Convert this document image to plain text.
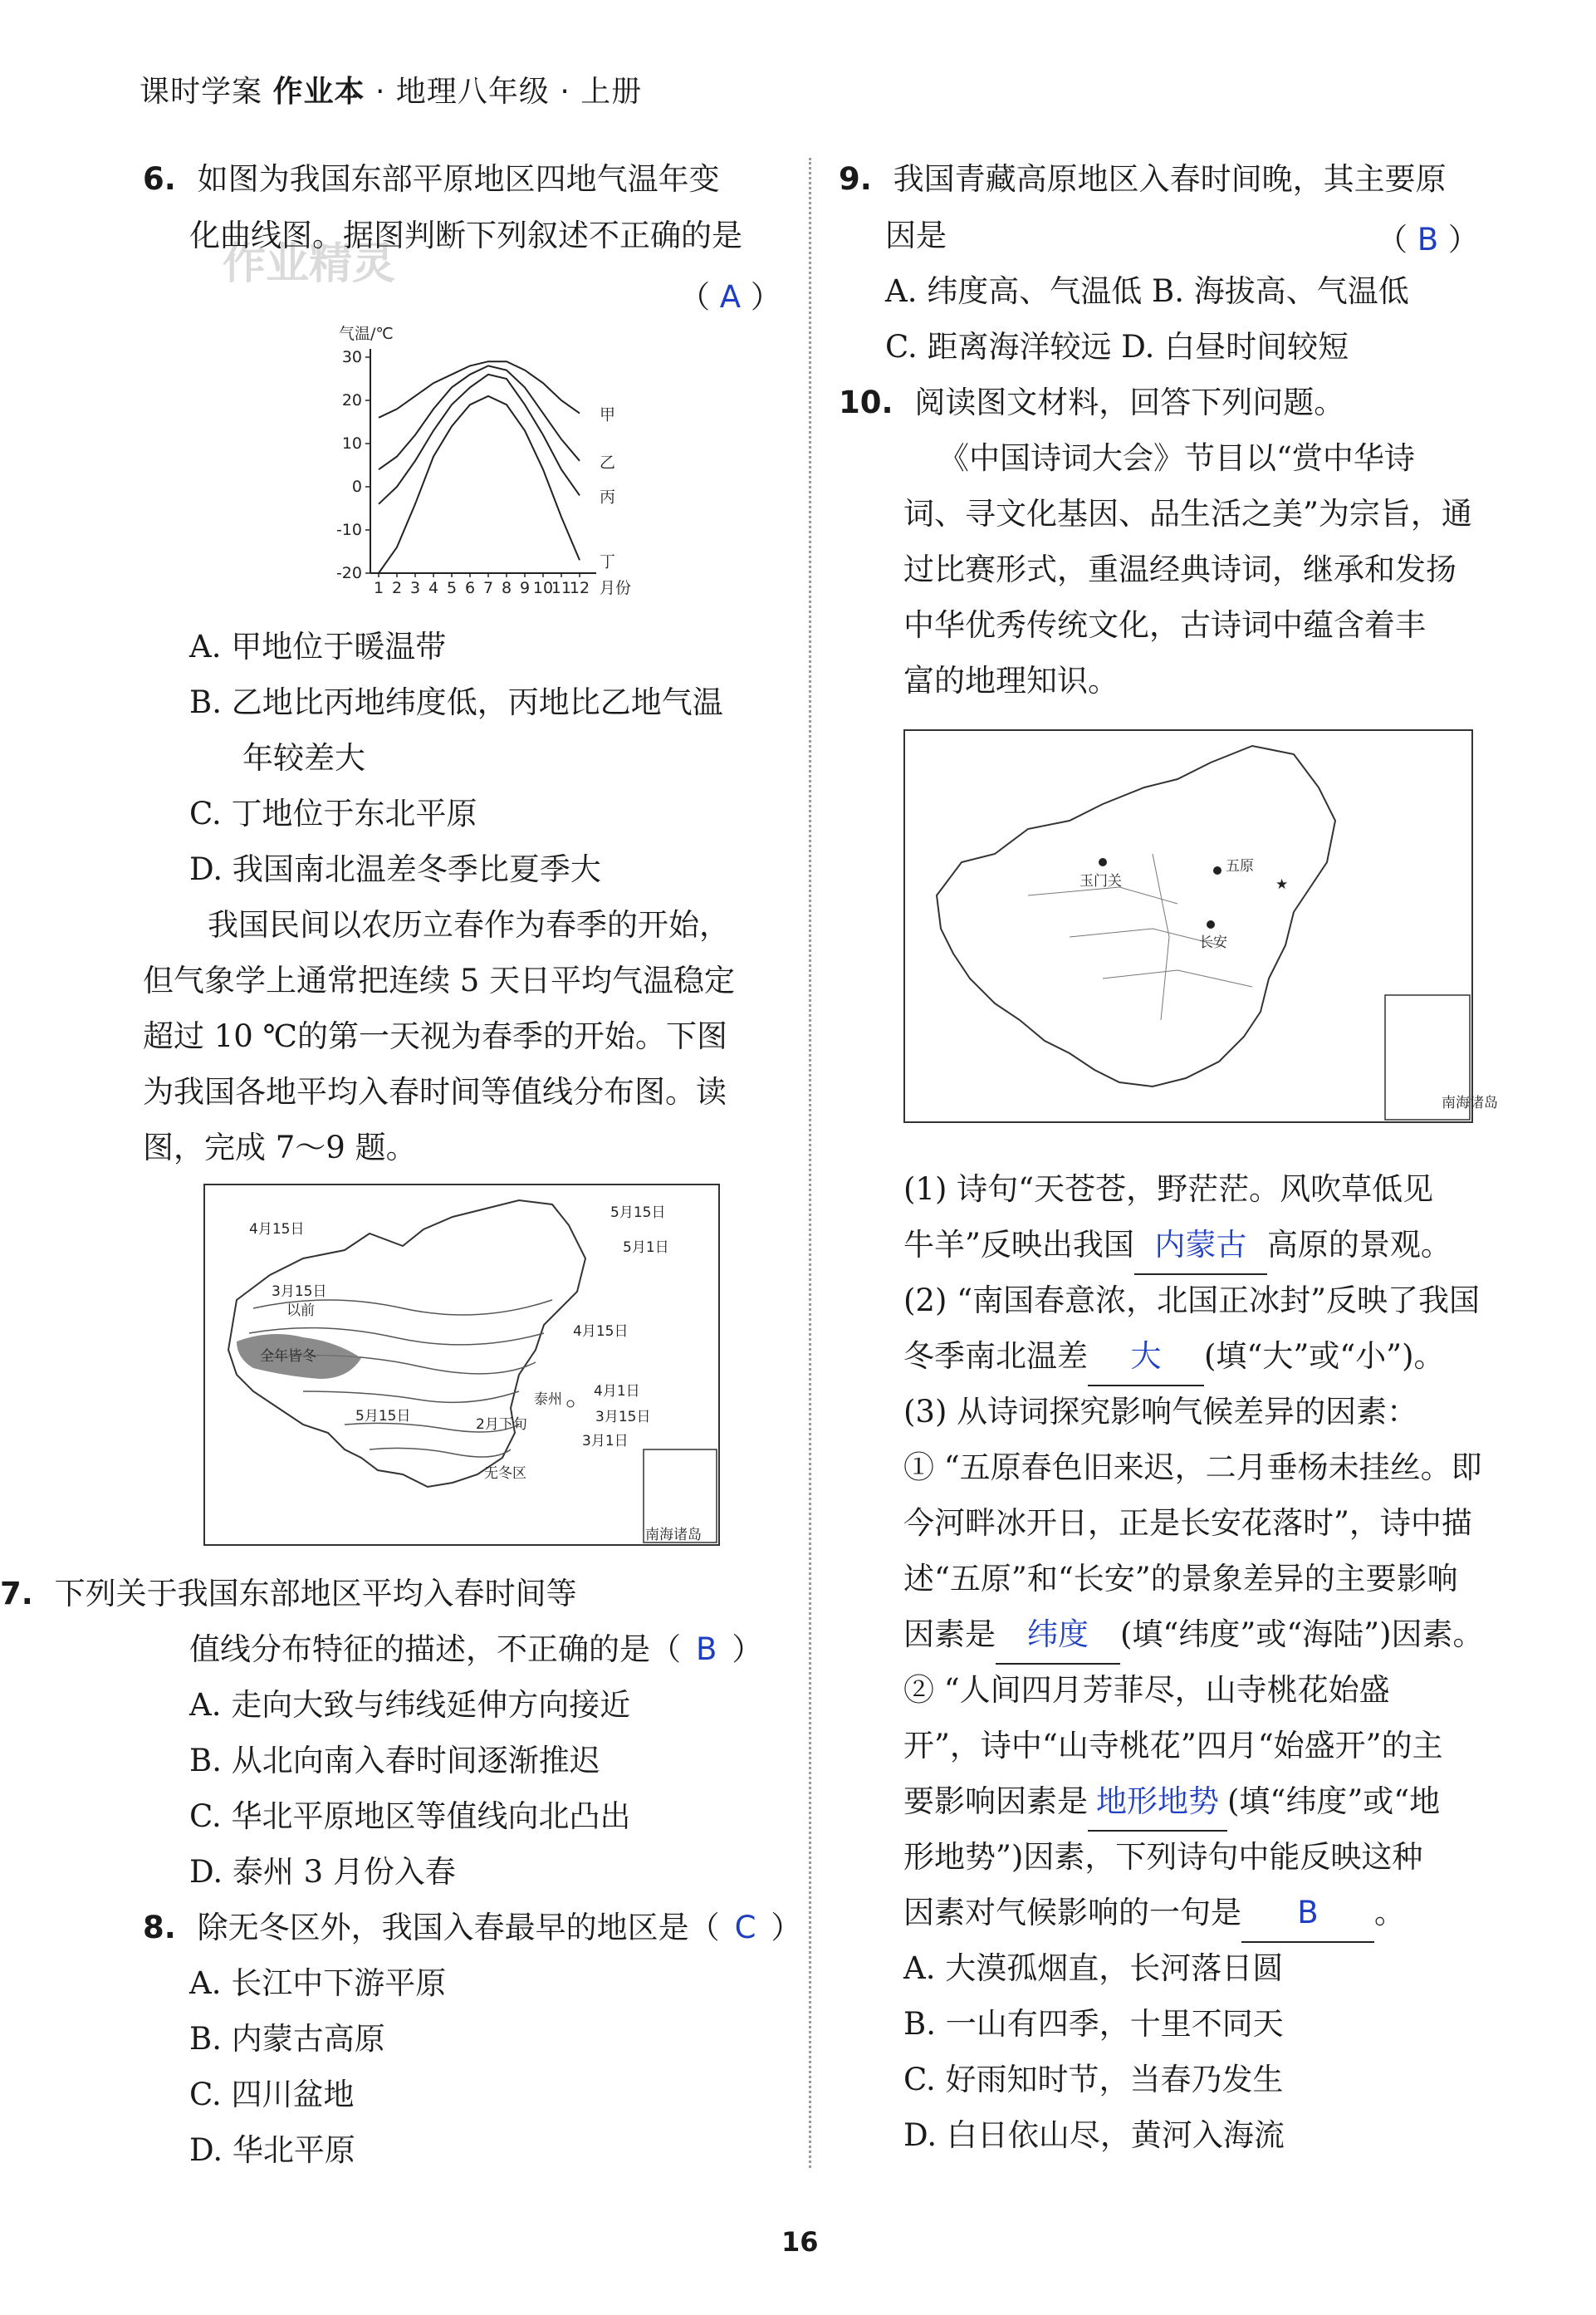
课时学案 作业本 · 地理八年级 · 上册
作业精灵
6. 如图为我国东部平原地区四地气温年变
化曲线图。据图判断下列叙述不正确的是
（ A ）
气温/℃
30
20
10
0
-10
-20
1 2 3 4 5 6 7 8 9 10
11
12 月份
甲
乙
丙
丁
A. 甲地位于暖温带
B. 乙地比丙地纬度低，丙地比乙地气温
年较差大
C. 丁地位于东北平原
D. 我国南北温差冬季比夏季大
我国民间以农历立春作为春季的开始，
但气象学上通常把连续 5 天日平均气温稳定
超过 10 ℃的第一天视为春季的开始。下图
为我国各地平均入春时间等值线分布图。读
图，完成 7～9 题。
南海诸岛
4月15日
5月15日
5月1日
3月15日
以前
4月15日
全年皆冬
泰州 4月1日
5月15日	2月下旬	3月15日
3月1日
无冬区
7. 下列关于我国东部地区平均入春时间等
值线分布特征的描述，不正确的是（ B ）
A. 走向大致与纬线延伸方向接近
B. 从北向南入春时间逐渐推迟
C. 华北平原地区等值线向北凸出
D. 泰州 3 月份入春
8. 除无冬区外，我国入春最早的地区是（ C ）
A. 长江中下游平原
B. 内蒙古高原
C. 四川盆地
D. 华北平原
9. 我国青藏高原地区入春时间晚，其主要原
因是	（ B ）
A. 纬度高、气温低 B. 海拔高、气温低
C. 距离海洋较远 D. 白昼时间较短
10. 阅读图文材料，回答下列问题。
《中国诗词大会》节目以“赏中华诗
词、寻文化基因、品生活之美”为宗旨，通
过比赛形式，重温经典诗词，继承和发扬
中华优秀传统文化，古诗词中蕴含着丰
富的地理知识。
南海诸岛
玉门关
五原
★
长安
(1) 诗句“天苍苍，野茫茫。风吹草低见
牛羊”反映出我国 内蒙古 高原的景观。
(2) “南国春意浓，北国正冰封”反映了我国
冬季南北温差 大 (填“大”或“小”)。
(3) 从诗词探究影响气候差异的因素：
① “五原春色旧来迟，二月垂杨未挂丝。即
今河畔冰开日，正是长安花落时”，诗中描
述“五原”和“长安”的景象差异的主要影响
因素是 纬度 (填“纬度”或“海陆”)因素。
② “人间四月芳菲尽，山寺桃花始盛
开”，诗中“山寺桃花”四月“始盛开”的主
要影响因素是 地形地势 (填“纬度”或“地
形地势”)因素，下列诗句中能反映这种
因素对气候影响的一句是 B 。
A. 大漠孤烟直，长河落日圆
B. 一山有四季，十里不同天
C. 好雨知时节，当春乃发生
D. 白日依山尽，黄河入海流
16
